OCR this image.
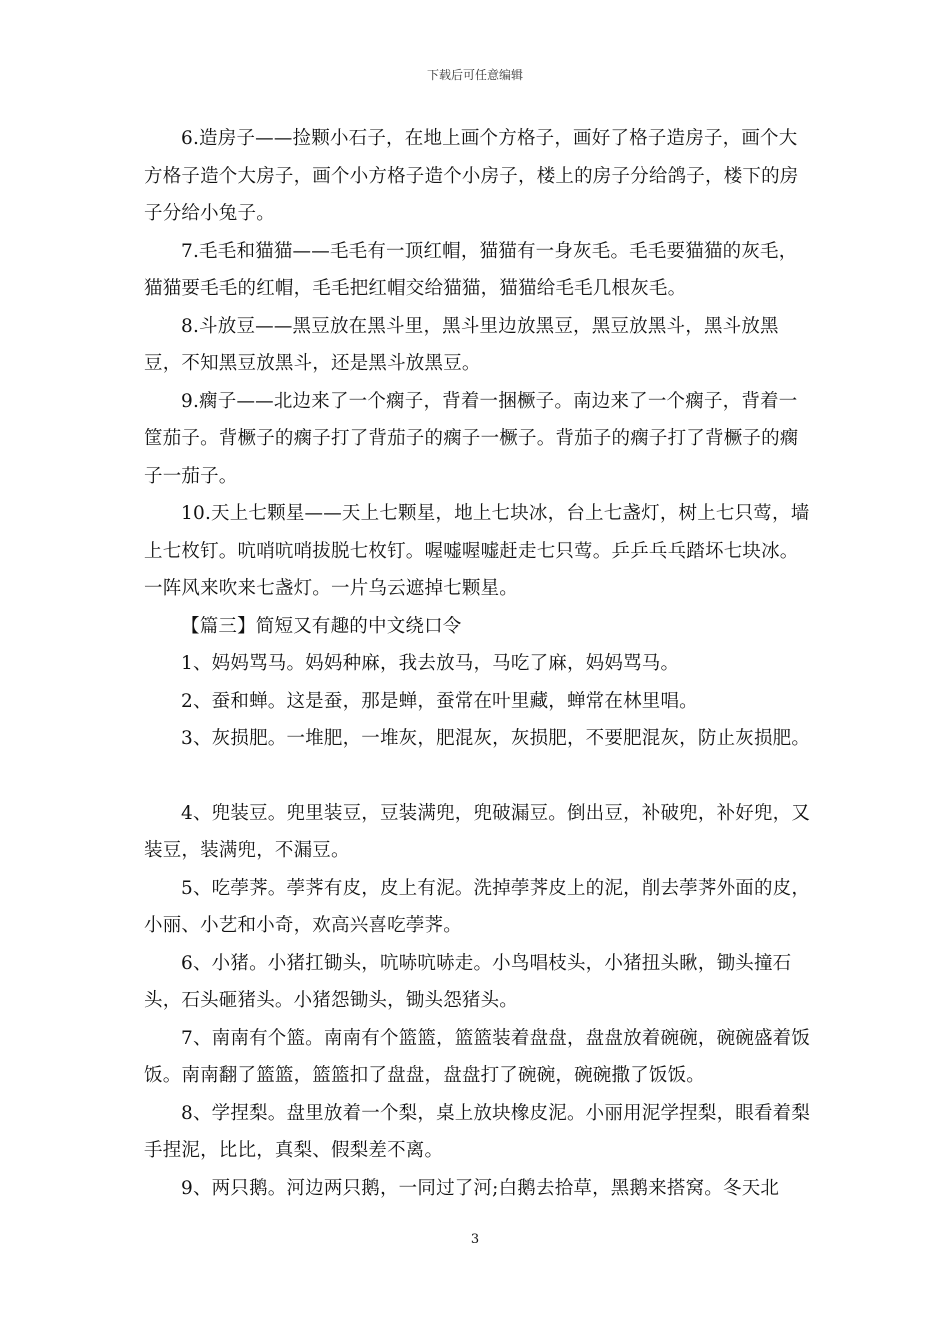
下载后可任意编辑

6.造房子——捡颗小石子，在地上画个方格子，画好了格子造房子，画个大方格子造个大房子，画个小方格子造个小房子，楼上的房子分给鸽子，楼下的房子分给小兔子。

7.毛毛和猫猫——毛毛有一顶红帽，猫猫有一身灰毛。毛毛要猫猫的灰毛，猫猫要毛毛的红帽，毛毛把红帽交给猫猫，猫猫给毛毛几根灰毛。

8.斗放豆——黑豆放在黑斗里，黑斗里边放黑豆，黑豆放黑斗，黑斗放黑豆，不知黑豆放黑斗，还是黑斗放黑豆。

9.瘸子——北边来了一个瘸子，背着一捆橛子。南边来了一个瘸子，背着一筐茄子。背橛子的瘸子打了背茄子的瘸子一橛子。背茄子的瘸子打了背橛子的瘸子一茄子。

10.天上七颗星——天上七颗星，地上七块冰，台上七盏灯，树上七只莺，墙上七枚钉。吭哨吭哨拔脱七枚钉。喔嘘喔嘘赶走七只莺。乒乒乓乓踏坏七块冰。一阵风来吹来七盏灯。一片乌云遮掉七颗星。

【篇三】简短又有趣的中文绕口令

1、妈妈骂马。妈妈种麻，我去放马，马吃了麻，妈妈骂马。

2、蚕和蝉。这是蚕，那是蝉，蚕常在叶里藏，蝉常在林里唱。

3、灰损肥。一堆肥，一堆灰，肥混灰，灰损肥，不要肥混灰，防止灰损肥。

4、兜装豆。兜里装豆，豆装满兜，兜破漏豆。倒出豆，补破兜，补好兜，又装豆，装满兜，不漏豆。

5、吃荸荠。荸荠有皮，皮上有泥。洗掉荸荠皮上的泥，削去荸荠外面的皮，小丽、小艺和小奇，欢高兴喜吃荸荠。

6、小猪。小猪扛锄头，吭哧吭哧走。小鸟唱枝头，小猪扭头瞅，锄头撞石头，石头砸猪头。小猪怨锄头，锄头怨猪头。

7、南南有个篮。南南有个篮篮，篮篮装着盘盘，盘盘放着碗碗，碗碗盛着饭饭。南南翻了篮篮，篮篮扣了盘盘，盘盘打了碗碗，碗碗撒了饭饭。

8、学捏梨。盘里放着一个梨，桌上放块橡皮泥。小丽用泥学捏梨，眼看着梨手捏泥，比比，真梨、假梨差不离。

9、两只鹅。河边两只鹅，一同过了河;白鹅去拾草，黑鹅来搭窝。冬天北

3
